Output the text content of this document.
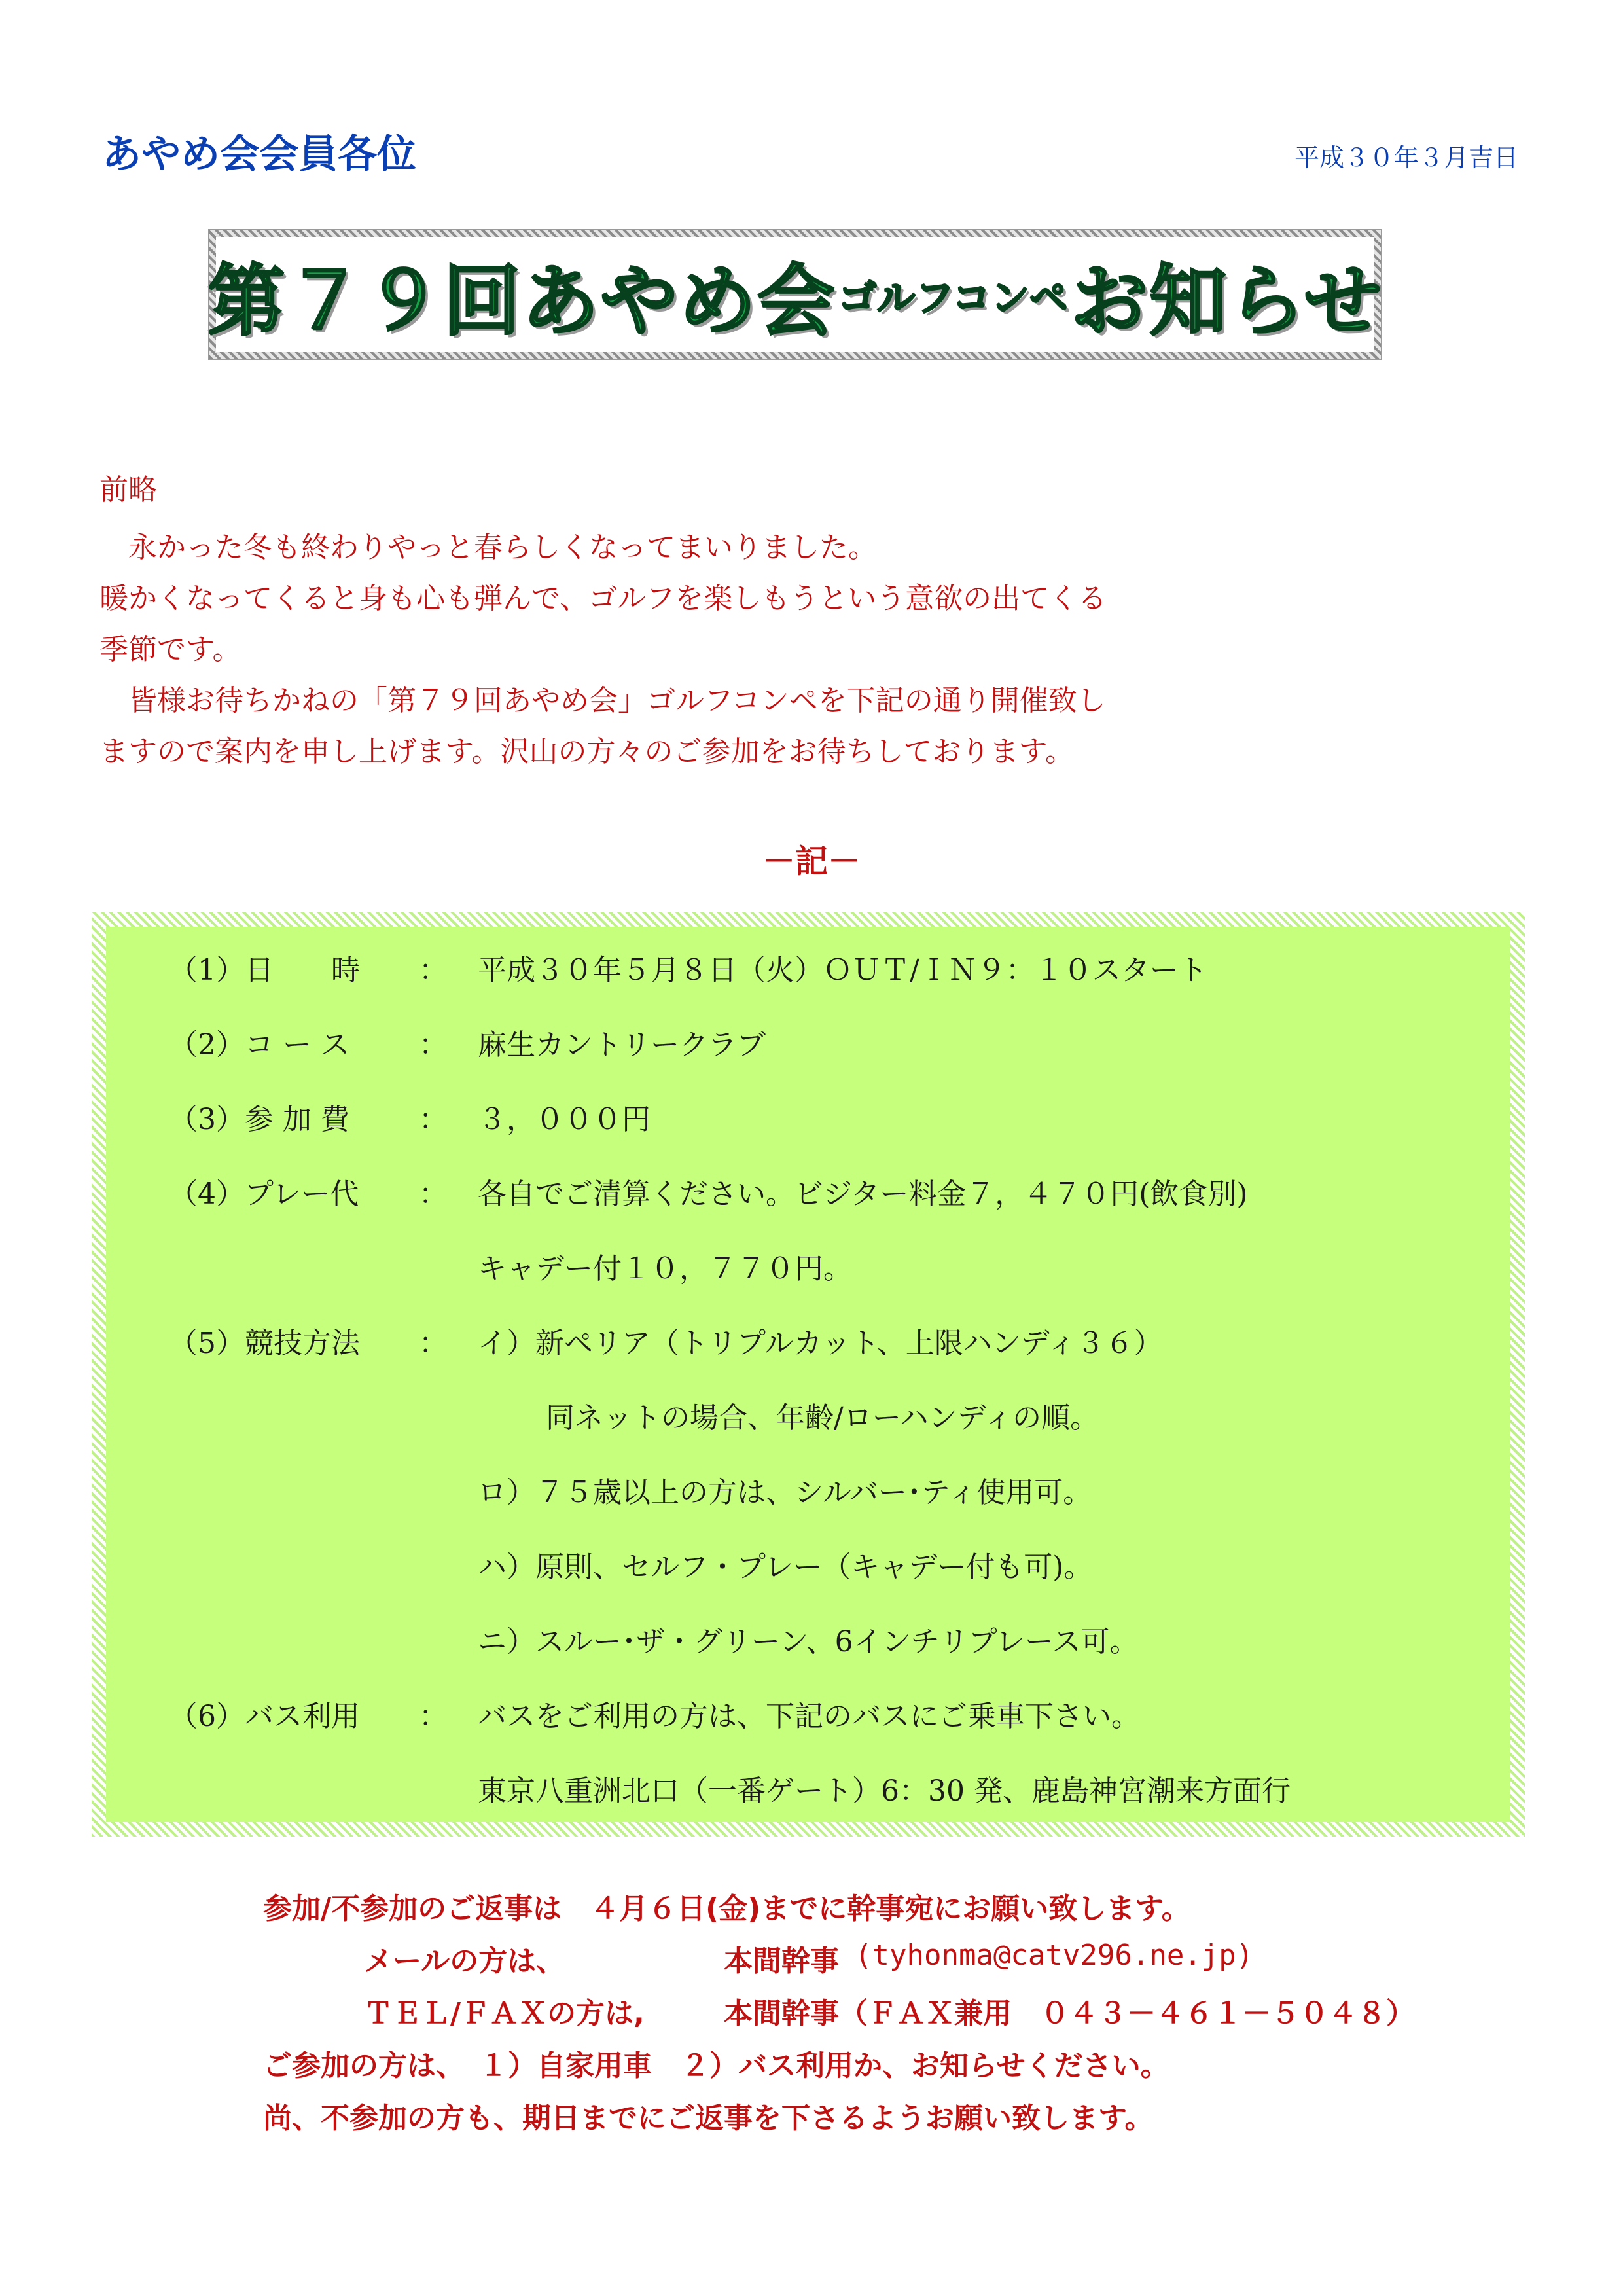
あやめ会会員各位	平成３０年３月吉日
第７９回あやめ会 ゴルフコンペ お知らせ
前略
　永かった冬も終わりやっと春らしくなってまいりました。
暖かくなってくると身も心も弾んで、ゴルフを楽しもうという意欲の出てくる
季節です。
　皆様お待ちかねの「第７９回あやめ会」ゴルフコンペを下記の通り開催致し
ますので案内を申し上げます。沢山の方々のご参加をお待ちしております。
－記－
（1）日　　時 ： 平成３０年５月８日（火）ＯＵＴ/ＩＮ９：１０スタート
（2）コ ー ス ： 麻生カントリークラブ
（3）参 加 費 ： ３，０００円
（4）プレー代 ： 各自でご清算ください。ビジター料金７，４７０円(飲食別)
キャデー付１０，７７０円。
（5）競技方法 ： イ）新ペリア（トリプルカット、上限ハンディ３６）
同ネットの場合、年齢/ローハンディの順。
ロ）７５歳以上の方は、シルバー･ティ使用可。
ハ）原則、セルフ・プレー（キャデー付も可)。
ニ）スルー･ザ・グリーン、6インチリプレース可。
（6）バス利用 ： バスをご利用の方は、下記のバスにご乗車下さい。
東京八重洲北口（一番ゲート）6：30 発、鹿島神宮潮来方面行
参加/不参加のご返事は　４月６日(金)までに幹事宛にお願い致します。
メールの方は、	本間幹事 (tyhonma@catv296.ne.jp)
ＴＥＬ/ＦＡＸの方は,	本間幹事（ＦＡＸ兼用　０４３－４６１－５０４８）
ご参加の方は、　１）自家用車　２）バス利用か、お知らせください。
尚、不参加の方も、期日までにご返事を下さるようお願い致します。
